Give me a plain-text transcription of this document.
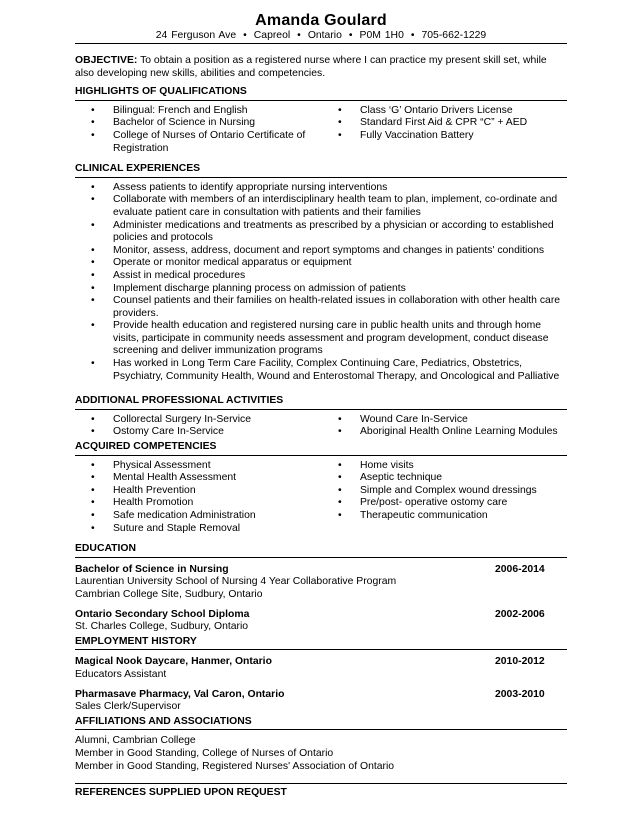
Amanda Goulard
24 Ferguson Ave • Capreol • Ontario • P0M 1H0 • 705-662-1229
OBJECTIVE: To obtain a position as a registered nurse where I can practice my present skill set, while also developing new skills, abilities and competencies.
HIGHLIGHTS OF QUALIFICATIONS
• Bilingual: French and English
• Bachelor of Science in Nursing
• College of Nurses of Ontario Certificate of Registration
• Class ‘G’ Ontario Drivers License
• Standard First Aid & CPR “C” + AED
• Fully Vaccination Battery
CLINICAL EXPERIENCES
• Assess patients to identify appropriate nursing interventions
• Collaborate with members of an interdisciplinary health team to plan, implement, co-ordinate and evaluate patient care in consultation with patients and their families
• Administer medications and treatments as prescribed by a physician or according to established policies and protocols
• Monitor, assess, address, document and report symptoms and changes in patients' conditions
• Operate or monitor medical apparatus or equipment
• Assist in medical procedures
• Implement discharge planning process on admission of patients
• Counsel patients and their families on health-related issues in collaboration with other health care providers.
• Provide health education and registered nursing care in public health units and through home visits, participate in community needs assessment and program development, conduct disease screening and deliver immunization programs
• Has worked in Long Term Care Facility, Complex Continuing Care, Pediatrics, Obstetrics, Psychiatry, Community Health, Wound and Enterostomal Therapy, and Oncological and Palliative
ADDITIONAL PROFESSIONAL ACTIVITIES
• Collorectal Surgery In-Service
• Ostomy Care In-Service
• Wound Care In-Service
• Aboriginal Health Online Learning Modules
ACQUIRED COMPETENCIES
• Physical Assessment
• Mental Health Assessment
• Health Prevention
• Health Promotion
• Safe medication Administration
• Suture and Staple Removal
• Home visits
• Aseptic technique
• Simple and Complex wound dressings
• Pre/post- operative ostomy care
• Therapeutic communication
EDUCATION
Bachelor of Science in Nursing	2006-2014
Laurentian University School of Nursing 4 Year Collaborative Program
Cambrian College Site, Sudbury, Ontario
Ontario Secondary School Diploma	2002-2006
St. Charles College, Sudbury, Ontario
EMPLOYMENT HISTORY
Magical Nook Daycare, Hanmer, Ontario	2010-2012
Educators Assistant
Pharmasave Pharmacy, Val Caron, Ontario	2003-2010
Sales Clerk/Supervisor
AFFILIATIONS AND ASSOCIATIONS
Alumni, Cambrian College
Member in Good Standing, College of Nurses of Ontario
Member in Good Standing, Registered Nurses' Association of Ontario
REFERENCES SUPPLIED UPON REQUEST
